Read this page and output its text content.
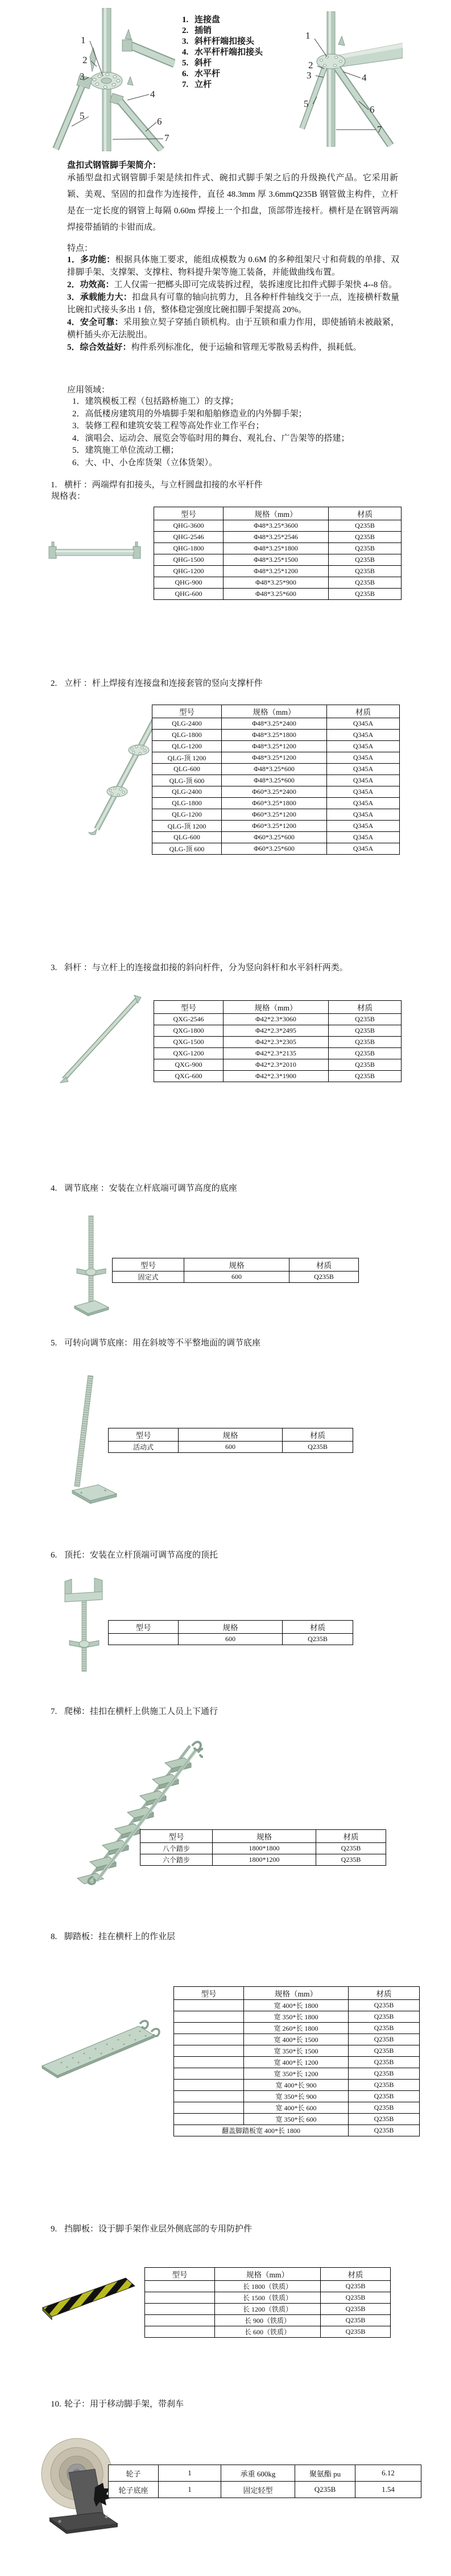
1
2
3
4
5
6
7
1. 连接盘
2. 插销
3. 斜杆杆端扣接头
4. 水平杆杆端扣接头
5. 斜杆
6. 水平杆
7. 立杆
1
2
3	4
5
6
7
盘扣式钢管脚手架简介：
承插型盘扣式钢管脚手架是续扣件式、碗扣式脚手架之后的升级换代产品。它采用新颖、美观、坚固的扣盘作为连接件，直径 48.3mm 厚 3.6mmQ235B 钢管做主构件，立杆是在一定长度的钢管上每隔 0.60m 焊接上一个扣盘，顶部带连接杆。横杆是在钢管两端焊接带插销的卡钳而成。
特点：
1．多功能：根据具体施工要求，能组成模数为 0.6M 的多种组架尺寸和荷载的单排、双排脚手架、支撑架、支撑柱、物料提升架等施工装备，并能做曲线布置。
2．功效高：工人仅需一把榔头即可完成装拆过程，装拆速度比扣件式脚手架快 4--8 倍。
3．承载能力大：扣盘具有可靠的轴向抗剪力，且各种杆件轴线交于一点，连接横杆数量比碗扣式接头多出 1 倍，整体稳定强度比碗扣脚手架提高 20%。
4．安全可靠：采用独立契子穿插自锁机构。由于互锁和重力作用，即使插销未被敲紧，横杆插头亦无法脱出。
5．综合效益好：构件系列标准化，便于运输和管理无零散易丢构件，损耗低。
应用领域：
1．建筑模板工程（包括路桥施工）的支撑；
2．高低楼房建筑用的外墙脚手架和船舶修造业的内外脚手架；
3．装修工程和建筑安装工程等高处作业工作平台；
4．演唱会、运动会、展览会等临时用的舞台、观礼台、广告架等的搭建；
5．建筑施工单位流动工棚；
6．大、中、小仓库货架（立体货架）。
1. 横杆 ：两端焊有扣接头，与立杆圆盘扣接的水平杆件
规格表：
型号	规格（mm）	材质
QHG-3600	Φ48*3.25*3600	Q235B
QHG-2546	Φ48*3.25*2546	Q235B
QHG-1800	Φ48*3.25*1800	Q235B
QHG-1500	Φ48*3.25*1500	Q235B
QHG-1200	Φ48*3.25*1200	Q235B
QHG-900	Φ48*3.25*900	Q235B
QHG-600	Φ48*3.25*600	Q235B
2. 立杆 ：杆上焊接有连接盘和连接套管的竖向支撑杆件
型号	规格（mm）	材质
QLG-2400	Φ48*3.25*2400	Q345A
QLG-1800	Φ48*3.25*1800	Q345A
QLG-1200	Φ48*3.25*1200	Q345A
QLG-顶 1200	Φ48*3.25*1200	Q345A
QLG-600	Φ48*3.25*600	Q345A
QLG-顶 600	Φ48*3.25*600	Q345A
QLG-2400	Φ60*3.25*2400	Q345A
QLG-1800	Φ60*3.25*1800	Q345A
QLG-1200	Φ60*3.25*1200	Q345A
QLG-顶 1200	Φ60*3.25*1200	Q345A
QLG-600	Φ60*3.25*600	Q345A
QLG-顶 600	Φ60*3.25*600	Q345A
3. 斜杆 ：与立杆上的连接盘扣接的斜向杆件，分为竖向斜杆和水平斜杆两类。
型号	规格（mm）	材质
QXG-2546	Φ42*2.3*3060	Q235B
QXG-1800	Φ42*2.3*2495	Q235B
QXG-1500	Φ42*2.3*2305	Q235B
QXG-1200	Φ42*2.3*2135	Q235B
QXG-900	Φ42*2.3*2010	Q235B
QXG-600	Φ42*2.3*1900	Q235B
4. 调节底座 ：安装在立杆底端可调节高度的底座
型号	规格	材质
固定式	600	Q235B
5. 可转向调节底座：用在斜坡等不平整地面的调节底座
型号	规格	材质
活动式	600	Q235B
6. 顶托：安装在立杆顶端可调节高度的顶托
型号	规格	材质
	600	Q235B
7. 爬梯：挂扣在横杆上供施工人员上下通行
型号	规格	材质
八个踏步	1800*1800	Q235B
六个踏步	1800*1200	Q235B
8. 脚踏板：挂在横杆上的作业层
型号	规格（mm）	材质
	宽 400*长 1800	Q235B
	宽 350*长 1800	Q235B
	宽 260*长 1800	Q235B
	宽 400*长 1500	Q235B
	宽 350*长 1500	Q235B
	宽 400*长 1200	Q235B
	宽 350*长 1200	Q235B
	宽 400*长 900	Q235B
	宽 350*长 900	Q235B
	宽 400*长 600	Q235B
	宽 350*长 600	Q235B
翻盖脚踏板宽 400*长 1800		Q235B
9. 挡脚板：设于脚手架作业层外侧底部的专用防护件
型号	规格（mm）	材质
	长 1800（铁质）	Q235B
	长 1500（铁质）	Q235B
	长 1200（铁质）	Q235B
	长 900（铁质）	Q235B
	长 600（铁质）	Q235B
10. 轮子：用于移动脚手架，带刹车
轮子	1	承重 600kg	聚氨酯 pu	6.12
轮子底座	1	固定轻型	Q235B	1.54
